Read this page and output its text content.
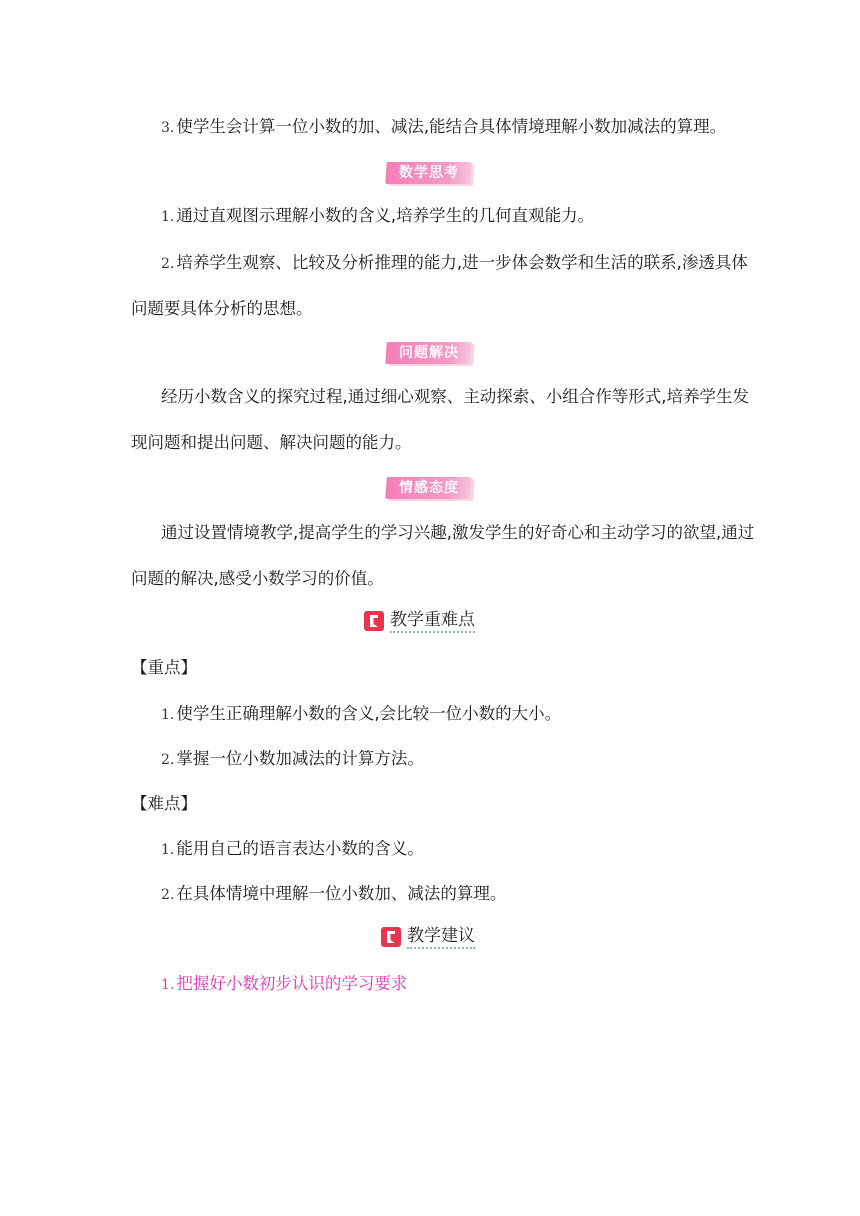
3. 使学生会计算一位小数的加、减法,能结合具体情境理解小数加减法的算理。
数学思考
1. 通过直观图示理解小数的含义,培养学生的几何直观能力。
2. 培养学生观察、比较及分析推理的能力,进一步体会数学和生活的联系,渗透具体
问题要具体分析的思想。
问题解决
经历小数含义的探究过程,通过细心观察、主动探索、小组合作等形式,培养学生发
现问题和提出问题、解决问题的能力。
情感态度
通过设置情境教学,提高学生的学习兴趣,激发学生的好奇心和主动学习的欲望,通过
问题的解决,感受小数学习的价值。
教学重难点
【重点】
1. 使学生正确理解小数的含义,会比较一位小数的大小。
2. 掌握一位小数加减法的计算方法。
【难点】
1. 能用自己的语言表达小数的含义。
2. 在具体情境中理解一位小数加、减法的算理。
教学建议
1. 把握好小数初步认识的学习要求
